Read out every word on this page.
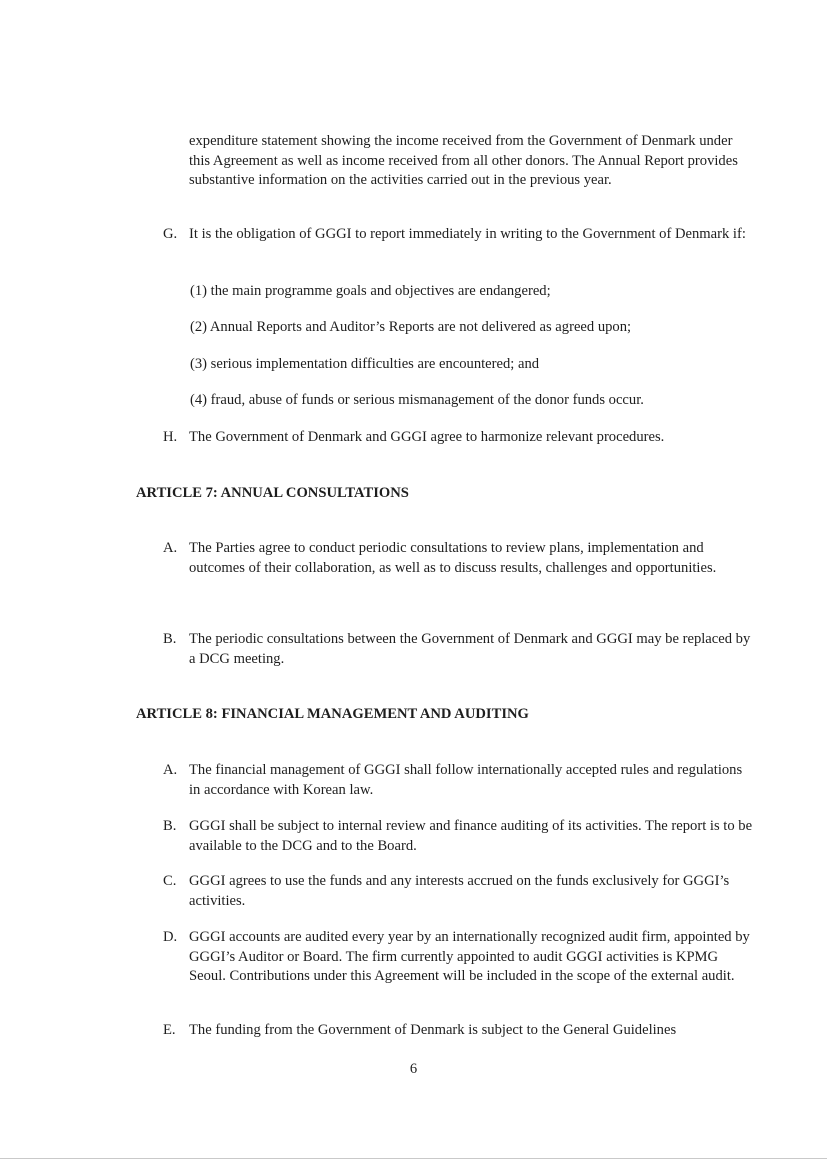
expenditure statement showing the income received from the Government of Denmark under this Agreement as well as income received from all other donors. The Annual Report provides substantive information on the activities carried out in the previous year.

G. It is the obligation of GGGI to report immediately in writing to the Government of Denmark if:

(1) the main programme goals and objectives are endangered;

(2) Annual Reports and Auditor’s Reports are not delivered as agreed upon;

(3) serious implementation difficulties are encountered; and

(4) fraud, abuse of funds or serious mismanagement of the donor funds occur.

H. The Government of Denmark and GGGI agree to harmonize relevant procedures.

ARTICLE 7: ANNUAL CONSULTATIONS
A. The Parties agree to conduct periodic consultations to review plans, implementation and outcomes of their collaboration, as well as to discuss results, challenges and opportunities.

B. The periodic consultations between the Government of Denmark and GGGI may be replaced by a DCG meeting.

ARTICLE 8: FINANCIAL MANAGEMENT AND AUDITING
A. The financial management of GGGI shall follow internationally accepted rules and regulations in accordance with Korean law.

B. GGGI shall be subject to internal review and finance auditing of its activities. The report is to be available to the DCG and to the Board.

C. GGGI agrees to use the funds and any interests accrued on the funds exclusively for GGGI’s activities.

D. GGGI accounts are audited every year by an internationally recognized audit firm, appointed by GGGI’s Auditor or Board. The firm currently appointed to audit GGGI activities is KPMG Seoul. Contributions under this Agreement will be included in the scope of the external audit.

E. The funding from the Government of Denmark is subject to the General Guidelines

6
